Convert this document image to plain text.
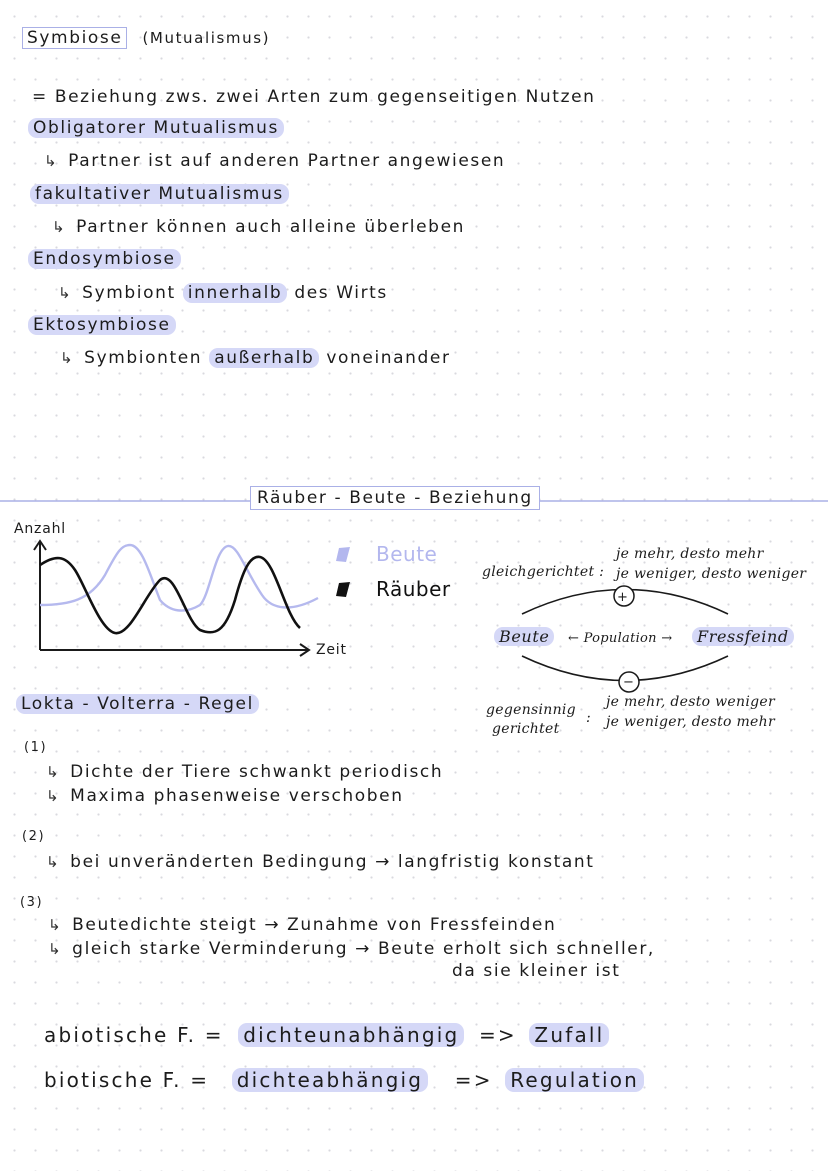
Symbiose (Mutualismus)
= Beziehung zws. zwei Arten zum gegenseitigen Nutzen
Obligatorer Mutualismus
↳ Partner ist auf anderen Partner angewiesen
fakultativer Mutualismus
↳ Partner können auch alleine überleben
Endosymbiose
↳ Symbiont innerhalb des Wirts
Ektosymbiose
↳ Symbionten außerhalb voneinander
Räuber - Beute - Beziehung
Anzahl
Zeit
Beute
Räuber
gleichgerichtet :
je mehr, desto mehr
je weniger, desto weniger
+
−
Beute	← Population →	Fressfeind
gegensinnig
gerichtet
:
je mehr, desto weniger
je weniger, desto mehr
Lokta - Volterra - Regel
(1)
↳ Dichte der Tiere schwankt periodisch
↳ Maxima phasenweise verschoben
(2)
↳ bei unveränderten Bedingung → langfristig konstant
(3)
↳ Beutedichte steigt → Zunahme von Fressfeinden
↳ gleich starke Verminderung → Beute erholt sich schneller,
da sie kleiner ist
abiotische F. = dichteunabhängig => Zufall
biotische F. = dichteabhängig => Regulation
